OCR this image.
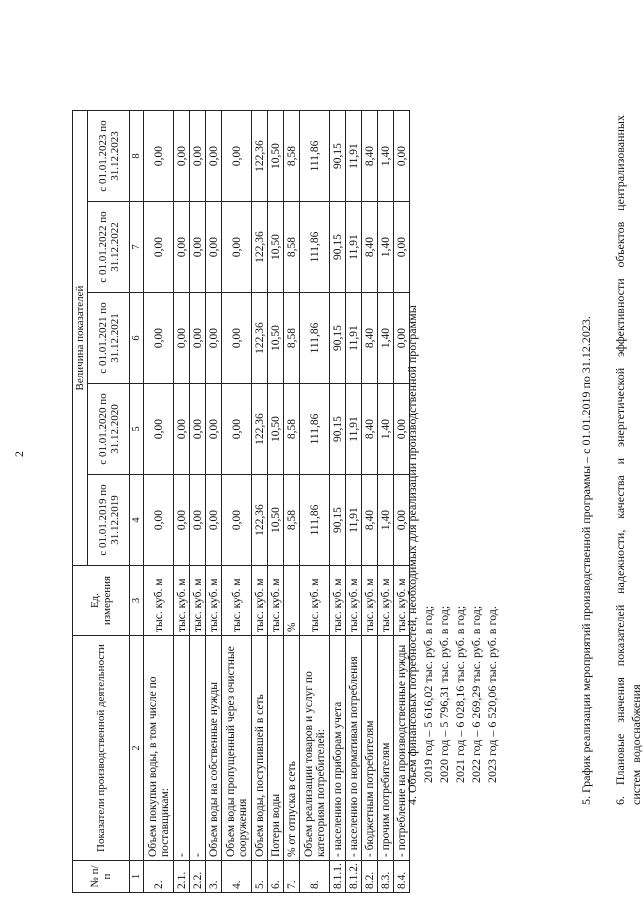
2
№ п/п	Показатели производственной деятельности	Ед. измерения	Величина показателей				
			с 01.01.2019 по 31.12.2019	с 01.01.2020 по 31.12.2020	с 01.01.2021 по 31.12.2021	с 01.01.2022 по 31.12.2022	с 01.01.2023 по 31.12.2023
1	2	3	4	5	6	7	8
2.	Объем покупки воды, в том числе по поставщикам:	тыс. куб. м	0,00	0,00	0,00	0,00	0,00
2.1.	-	тыс. куб. м	0,00	0,00	0,00	0,00	0,00
2.2.	-	тыс. куб. м	0,00	0,00	0,00	0,00	0,00
3.	Объем воды на собственные нужды	тыс. куб. м	0,00	0,00	0,00	0,00	0,00
4.	Объем воды пропущенный через очистные сооружения	тыс. куб. м	0,00	0,00	0,00	0,00	0,00
5.	Объем воды, поступившей в сеть	тыс. куб. м	122,36	122,36	122,36	122,36	122,36
6.	Потери воды	тыс. куб. м	10,50	10,50	10,50	10,50	10,50
7.	% от отпуска в сеть	%	8,58	8,58	8,58	8,58	8,58
8.	Объем реализации товаров и услуг по категориям потребителей:	тыс. куб. м	111,86	111,86	111,86	111,86	111,86
8.1.1.	- населению по приборам учета	тыс. куб. м	90,15	90,15	90,15	90,15	90,15
8.1.2.	- населению по нормативам потребления	тыс. куб. м	11,91	11,91	11,91	11,91	11,91
8.2.	- бюджетным потребителям	тыс. куб. м	8,40	8,40	8,40	8,40	8,40
8.3.	- прочим потребителям	тыс. куб. м	1,40	1,40	1,40	1,40	1,40
8.4.	- потребление на производственные нужды	тыс. куб. м	0,00	0,00	0,00	0,00	0,00

4. Объем финансовых потребностей, необходимых для реализации производственной программы 2019 год – 5 616,02 тыс. руб. в год; 2020 год – 5 796,31 тыс. руб. в год; 2021 год – 6 028,16 тыс. руб. в год; 2022 год – 6 269,29 тыс. руб. в год; 2023 год – 6 520,06 тыс. руб. в год.	5. График реализации мероприятий производственной программы – с 01.01.2019 по 31.12.2023. 6. Плановые значения показателей надежности, качества и энергетической эффективности объектов централизованных систем водоснабжения
